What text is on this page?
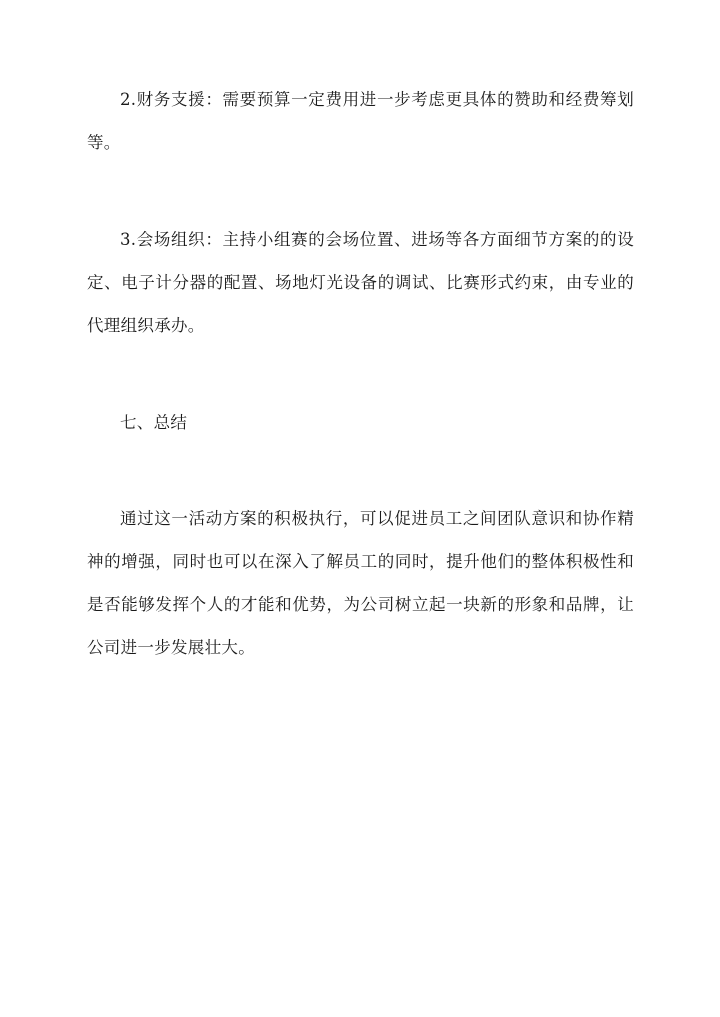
2.财务支援：需要预算一定费用进一步考虑更具体的赞助和经费筹划等。

3.会场组织：主持小组赛的会场位置、进场等各方面细节方案的的设定、电子计分器的配置、场地灯光设备的调试、比赛形式约束，由专业的代理组织承办。

七、总结

通过这一活动方案的积极执行，可以促进员工之间团队意识和协作精神的增强，同时也可以在深入了解员工的同时，提升他们的整体积极性和是否能够发挥个人的才能和优势，为公司树立起一块新的形象和品牌，让公司进一步发展壮大。
